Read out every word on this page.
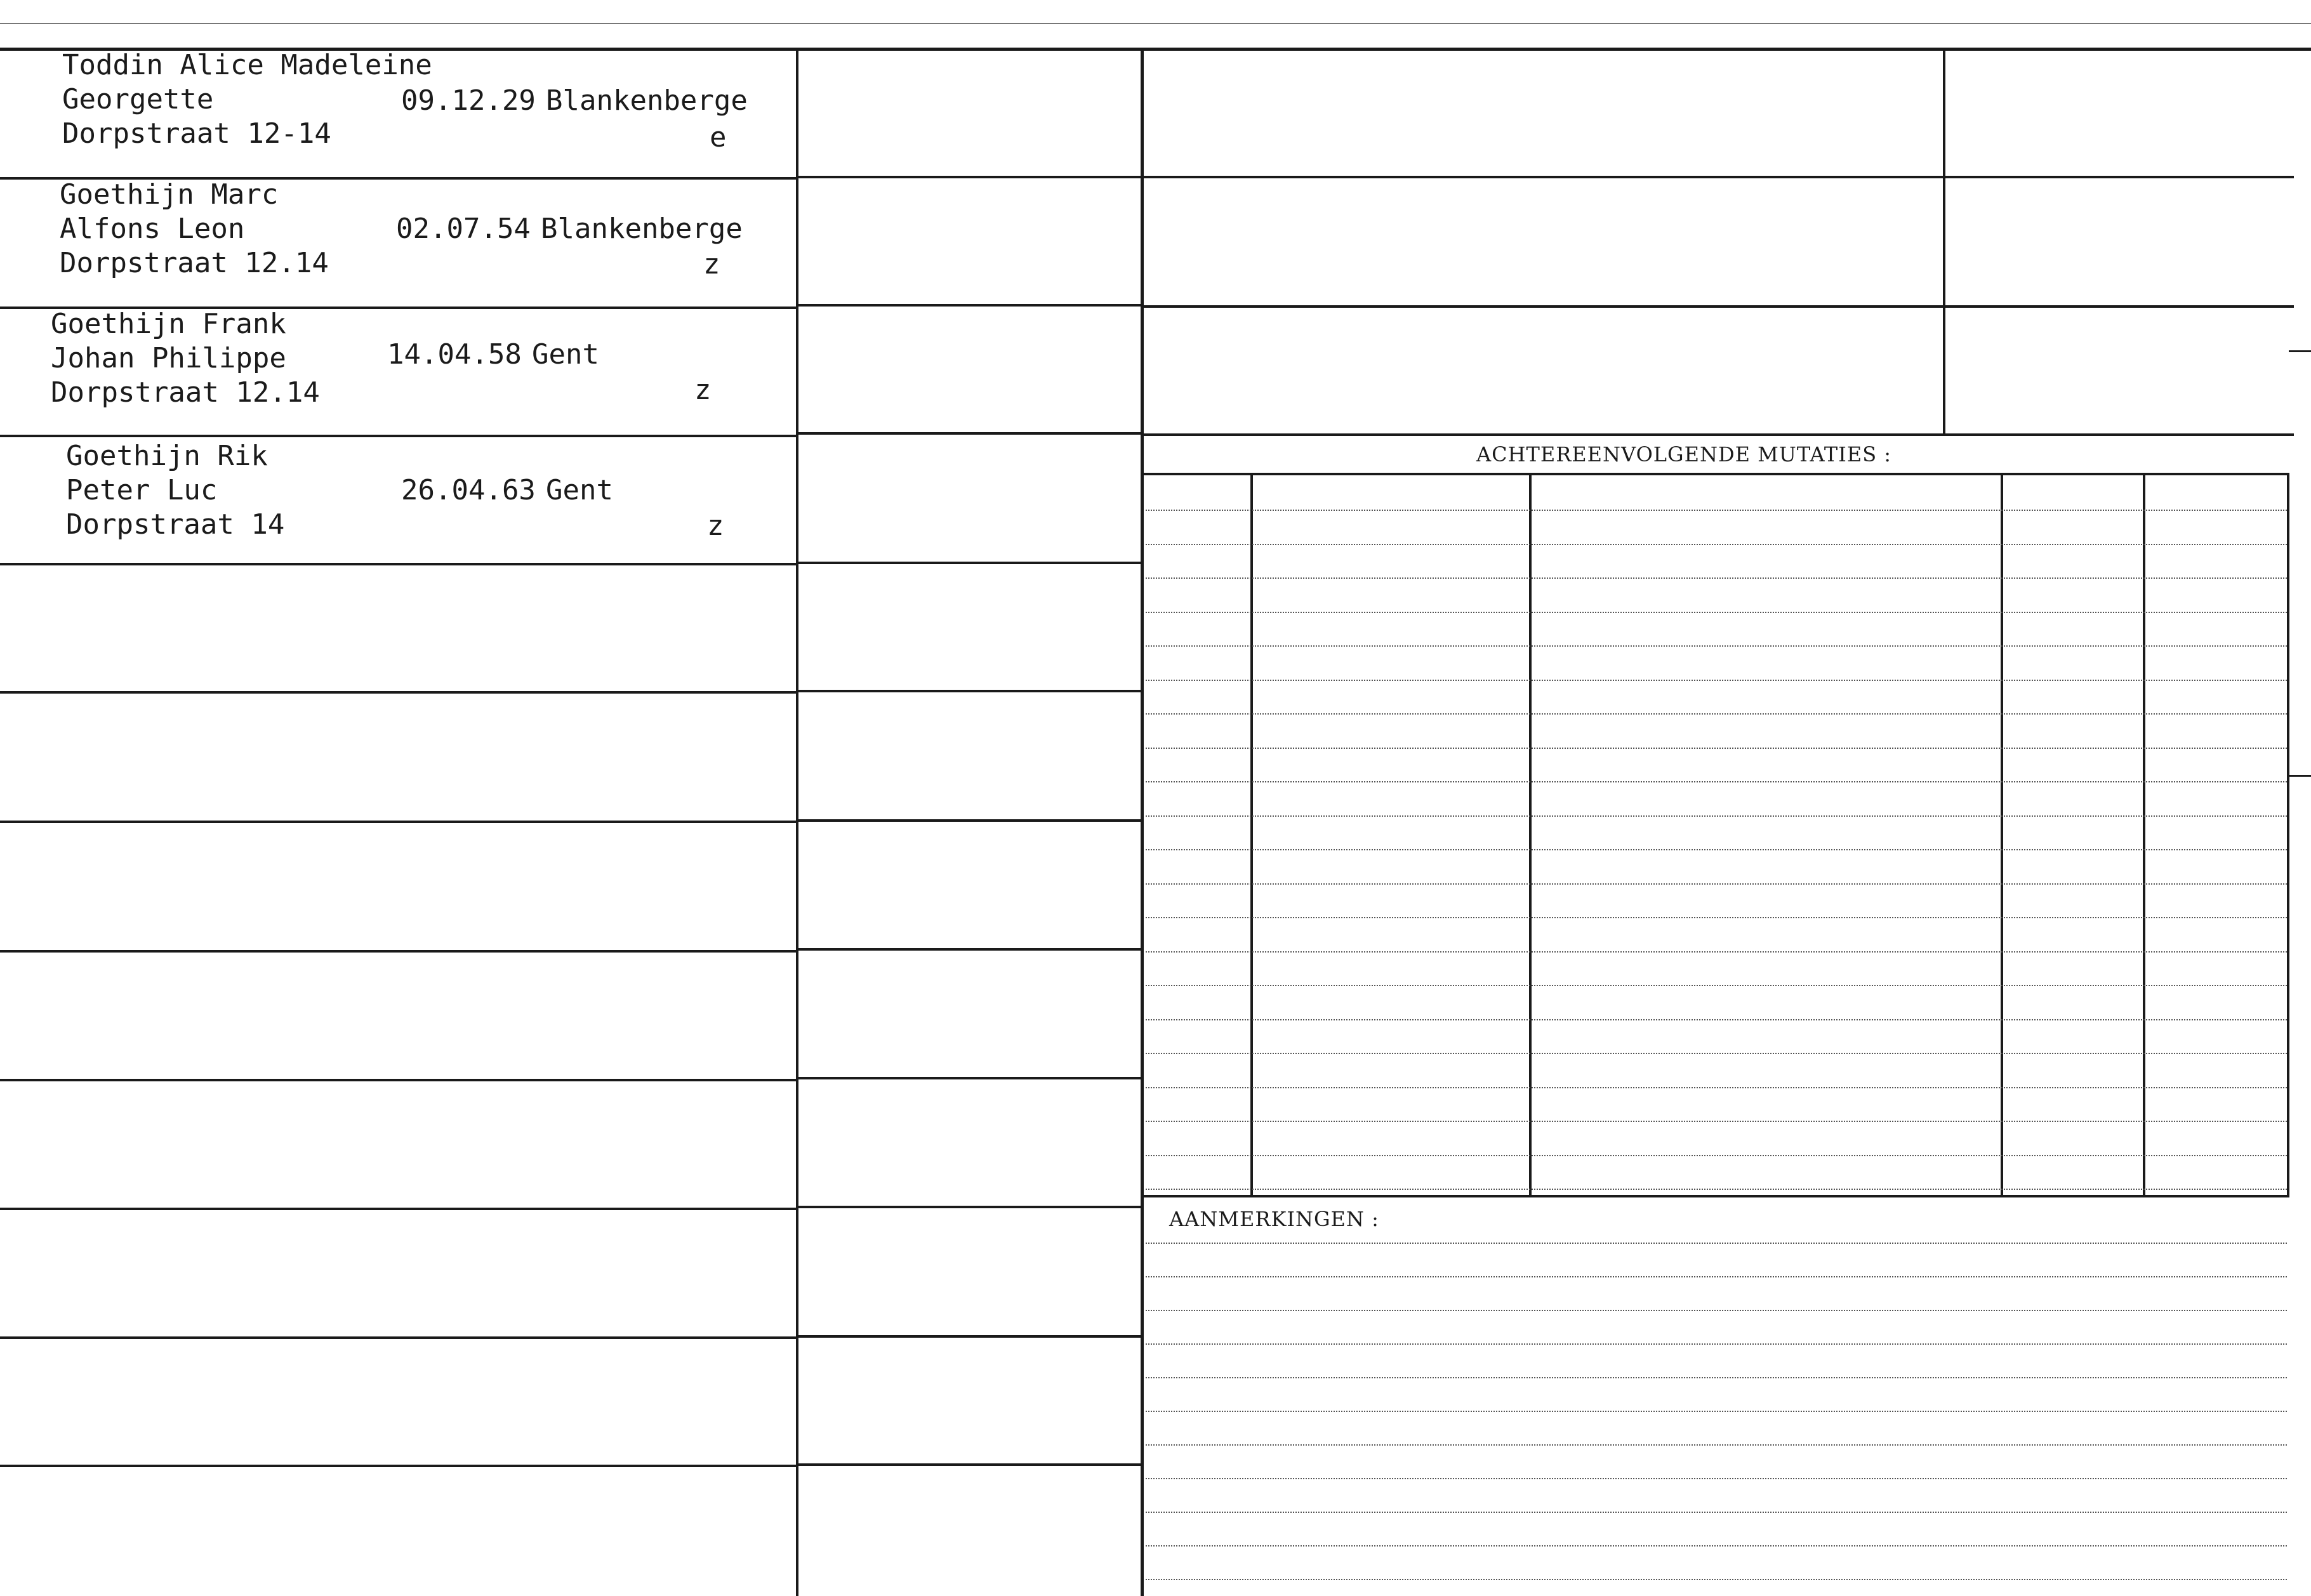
ACHTEREENVOLGENDE MUTATIES :
AANMERKINGEN :
Toddin Alice Madeleine
Georgette
Dorpstraat 12-14
09.12.29 Blankenberge
e
Goethijn Marc
Alfons Leon
Dorpstraat 12.14
02.07.54 Blankenberge
z
Goethijn Frank
Johan Philippe
Dorpstraat 12.14
14.04.58 Gent
z
Goethijn Rik
Peter Luc
Dorpstraat 14
26.04.63 Gent
z
